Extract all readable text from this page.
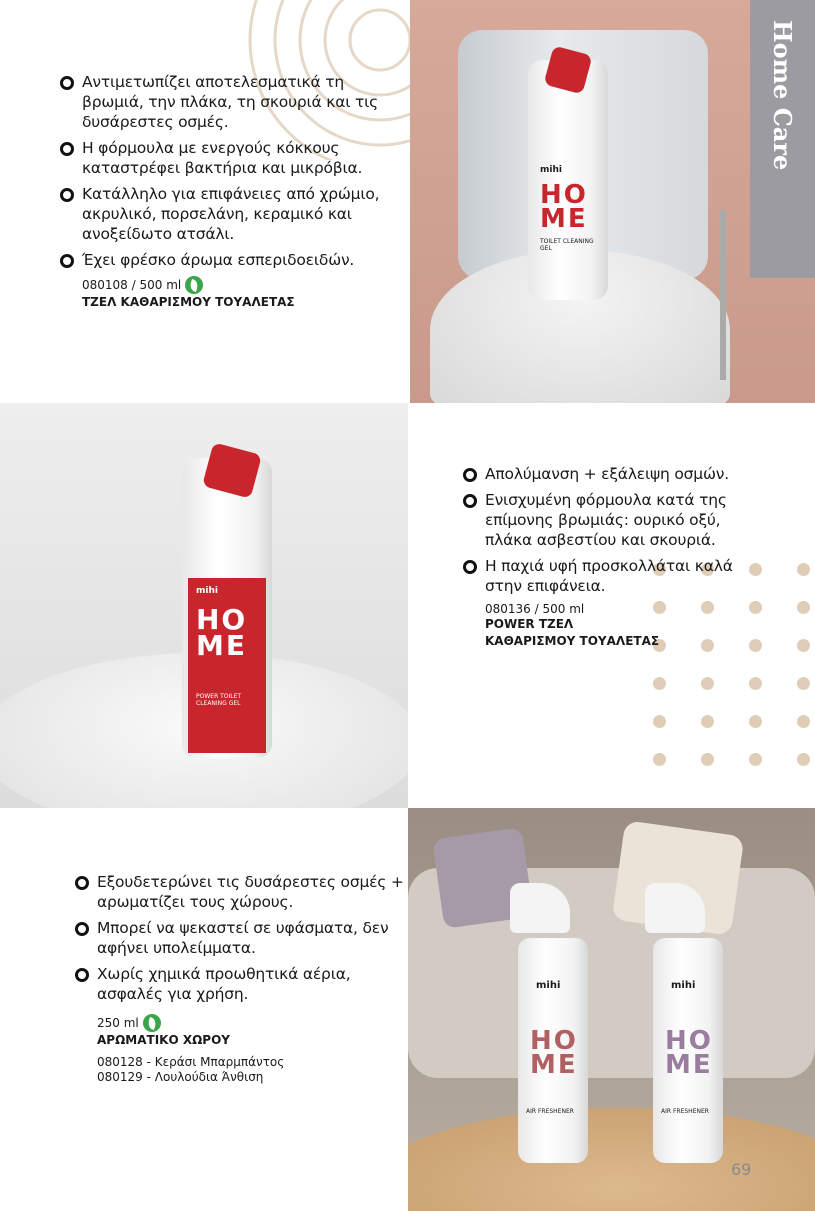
Αντιμετωπίζει αποτελεσματικά τη βρωμιά, την πλάκα, τη σκουριά και τις δυσάρεστες οσμές.
Η φόρμουλα με ενεργούς κόκκους καταστρέφει βακτήρια και μικρόβια.
Κατάλληλο για επιφάνειες από χρώμιο, ακρυλικό, πορσελάνη, κεραμικό και ανοξείδωτο ατσάλι.
Έχει φρέσκο άρωμα εσπεριδοειδών.
080108 / 500 ml
ΤΖΕΛ ΚΑΘΑΡΙΣΜΟΥ ΤΟΥΑΛΕΤΑΣ
mihi
HO
ME
TOILET CLEANING GEL
Home Care
mihi
HO
ME
POWER TOILET CLEANING GEL
Απολύμανση + εξάλειψη οσμών.
Ενισχυμένη φόρμουλα κατά της επίμονης βρωμιάς: ουρικό οξύ, πλάκα ασβεστίου και σκουριά.
Η παχιά υφή προσκολλάται καλά στην επιφάνεια.
080136 / 500 ml
POWER ΤΖΕΛ ΚΑΘΑΡΙΣΜΟΥ ΤΟΥΑΛΕΤΑΣ
Εξουδετερώνει τις δυσάρεστες οσμές + αρωματίζει τους χώρους.
Μπορεί να ψεκαστεί σε υφάσματα, δεν αφήνει υπολείμματα.
Χωρίς χημικά προωθητικά αέρια, ασφαλές για χρήση.
250 ml
ΑΡΩΜΑΤΙΚΟ ΧΩΡΟΥ
080128 - Κεράσι Μπαρμπάντος
080129 - Λουλούδια Άνθιση
mihi
HO
ME
AIR FRESHENER
mihi
HO
ME
AIR FRESHENER
69
